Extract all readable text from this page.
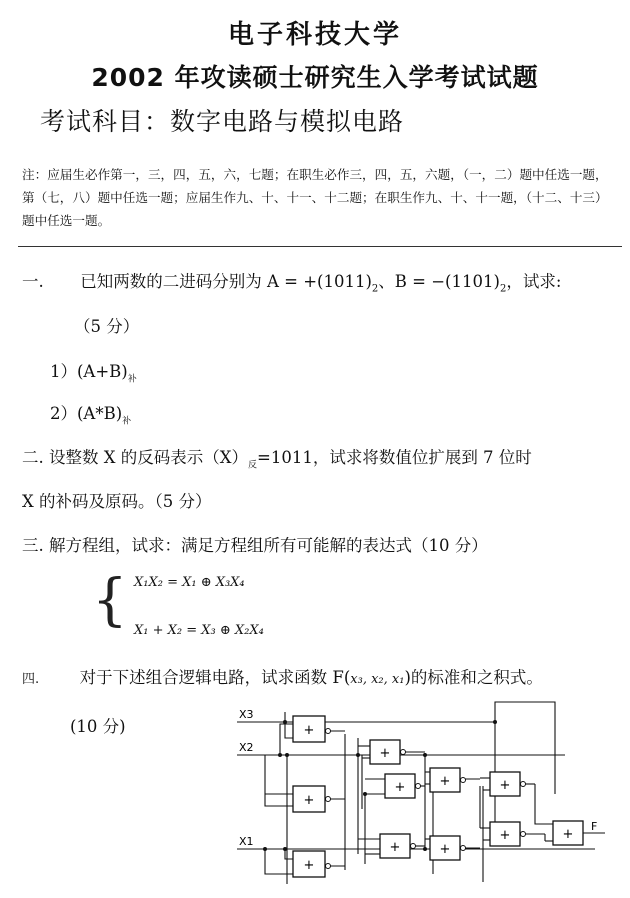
电子科技大学
2002 年攻读硕士研究生入学考试试题
考试科目：数字电路与模拟电路
注：应届生必作第一，三，四，五，六，七题；在职生必作三，四，五，六题，（一，二）题中任选一题，第（七，八）题中任选一题；应届生作九、十、十一、十二题；在职生作九、十、十一题，（十二、十三）题中任选一题。
一. 已知两数的二进码分别为 $A = +(1011)_2$、$B = -(1101)_2$，试求:
（5 分）
$1)(A+B)_补$
$2)(A*B)_补$
二. 设整数 X 的反码表示$(X)_反=1011$，试求将数值位扩展到 7 位时
X 的补码及原码。（5 分）
三. 解方程组，试求：满足方程组所有可能解的表达式（10 分）
{ X₁X₂ = X₁ ⊕ X₃X₄
X₁ + X₂ = X₃ ⊕ X₂X₄
四. 对于下述组合逻辑电路，试求函数 F(x₃, x₂, x₁)的标准和之积式。
(10 分)
X3
X2
X1
F
+
+
+
+
+
+
+
+
+
+	+
